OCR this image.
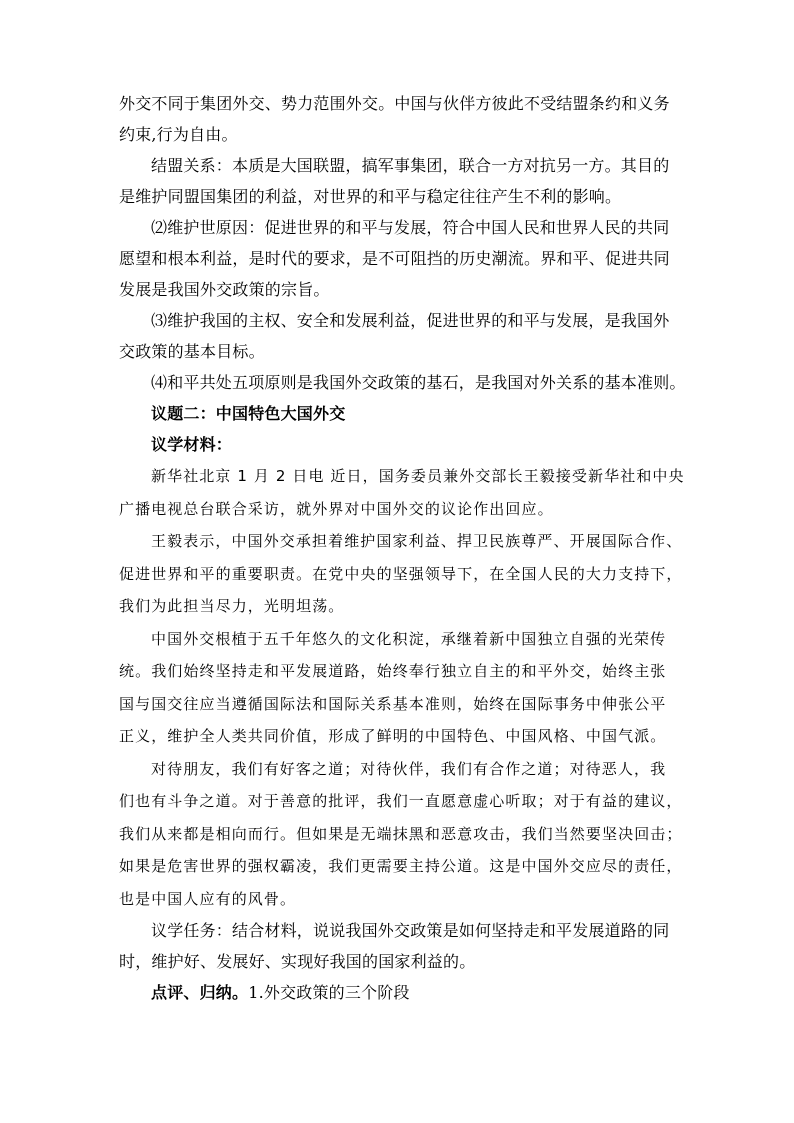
外交不同于集团外交、势力范围外交。中国与伙伴方彼此不受结盟条约和义务
约束,行为自由。

结盟关系：本质是大国联盟，搞军事集团，联合一方对抗另一方。其目的
是维护同盟国集团的利益，对世界的和平与稳定往往产生不利的影响。

⑵维护世原因：促进世界的和平与发展，符合中国人民和世界人民的共同
愿望和根本利益，是时代的要求，是不可阻挡的历史潮流。界和平、促进共同
发展是我国外交政策的宗旨。

⑶维护我国的主权、安全和发展利益，促进世界的和平与发展，是我国外
交政策的基本目标。

⑷和平共处五项原则是我国外交政策的基石，是我国对外关系的基本准则。

议题二：中国特色大国外交

议学材料：

新华社北京 1 月 2 日电 近日，国务委员兼外交部长王毅接受新华社和中央
广播电视总台联合采访，就外界对中国外交的议论作出回应。

王毅表示，中国外交承担着维护国家利益、捍卫民族尊严、开展国际合作、
促进世界和平的重要职责。在党中央的坚强领导下，在全国人民的大力支持下，
我们为此担当尽力，光明坦荡。

中国外交根植于五千年悠久的文化积淀，承继着新中国独立自强的光荣传
统。我们始终坚持走和平发展道路，始终奉行独立自主的和平外交，始终主张
国与国交往应当遵循国际法和国际关系基本准则，始终在国际事务中伸张公平
正义，维护全人类共同价值，形成了鲜明的中国特色、中国风格、中国气派。

对待朋友，我们有好客之道；对待伙伴，我们有合作之道；对待恶人，我
们也有斗争之道。对于善意的批评，我们一直愿意虚心听取；对于有益的建议，
我们从来都是相向而行。但如果是无端抹黑和恶意攻击，我们当然要坚决回击；
如果是危害世界的强权霸凌，我们更需要主持公道。这是中国外交应尽的责任，
也是中国人应有的风骨。

议学任务：结合材料，说说我国外交政策是如何坚持走和平发展道路的同
时，维护好、发展好、实现好我国的国家利益的。

点评、归纳。1.外交政策的三个阶段
